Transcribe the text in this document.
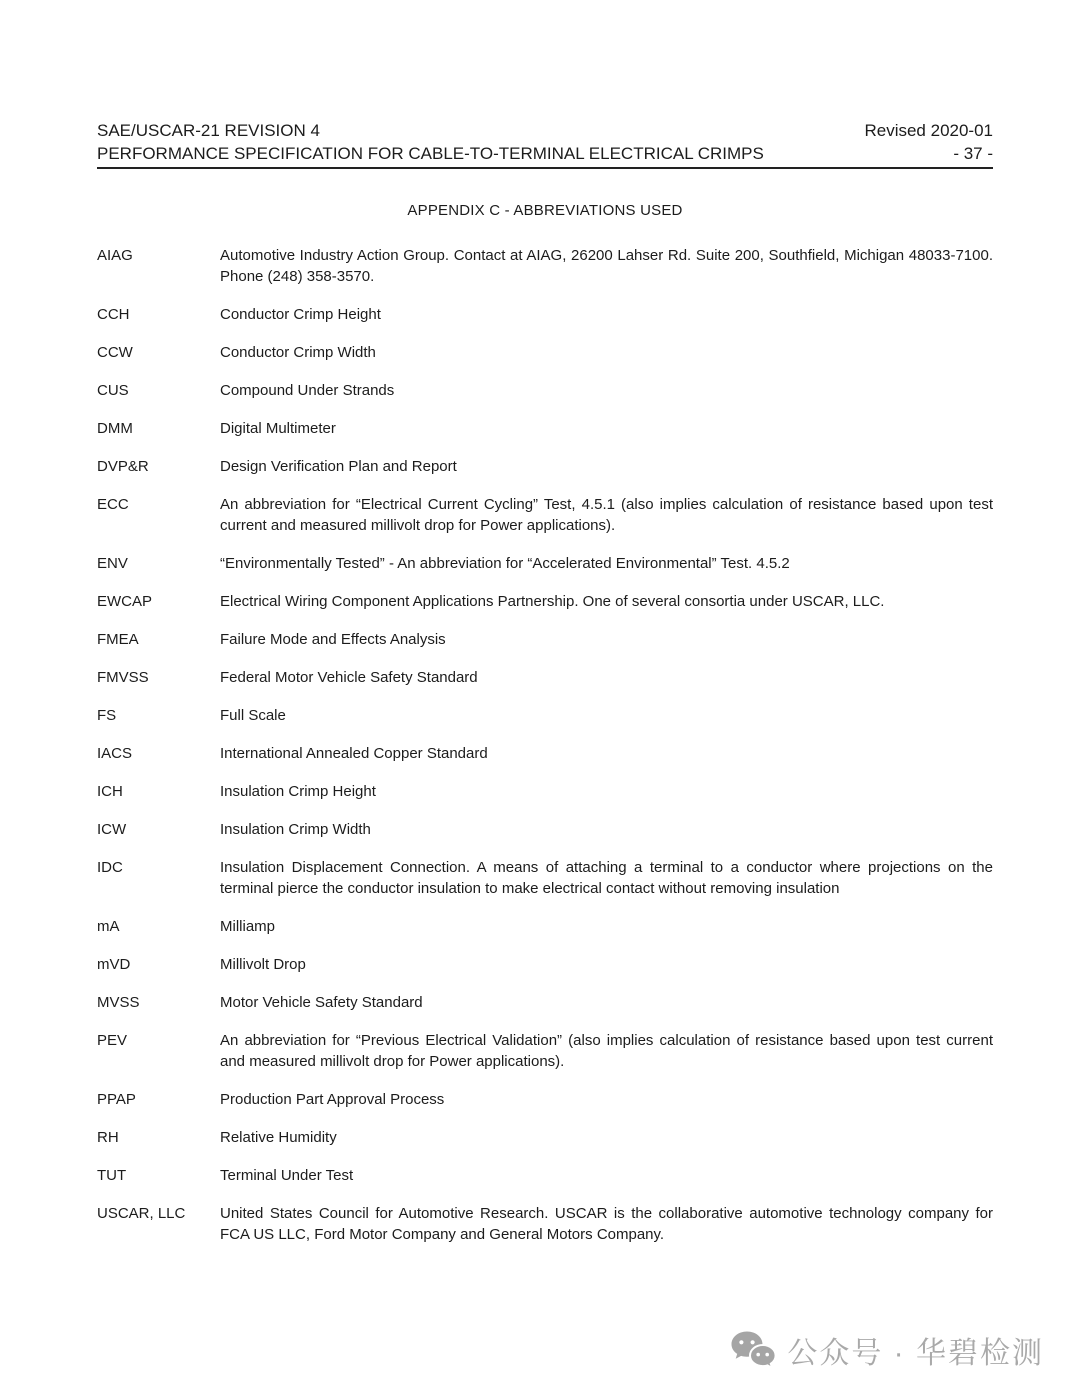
SAE/USCAR-21 REVISION 4	Revised 2020-01
PERFORMANCE SPECIFICATION FOR CABLE-TO-TERMINAL ELECTRICAL CRIMPS	- 37 -
APPENDIX C - ABBREVIATIONS USED
AIAG	Automotive Industry Action Group. Contact at AIAG, 26200 Lahser Rd. Suite 200, Southfield, Michigan 48033-7100. Phone (248) 358-3570.
CCH	Conductor Crimp Height
CCW	Conductor Crimp Width
CUS	Compound Under Strands
DMM	Digital Multimeter
DVP&R	Design Verification Plan and Report
ECC	An abbreviation for “Electrical Current Cycling” Test, 4.5.1 (also implies calculation of resistance based upon test current and measured millivolt drop for Power applications).
ENV	“Environmentally Tested” - An abbreviation for “Accelerated Environmental” Test. 4.5.2
EWCAP	Electrical Wiring Component Applications Partnership. One of several consortia under USCAR, LLC.
FMEA	Failure Mode and Effects Analysis
FMVSS	Federal Motor Vehicle Safety Standard
FS	Full Scale
IACS	International Annealed Copper Standard
ICH	Insulation Crimp Height
ICW	Insulation Crimp Width
IDC	Insulation Displacement Connection. A means of attaching a terminal to a conductor where projections on the terminal pierce the conductor insulation to make electrical contact without removing insulation
mA	Milliamp
mVD	Millivolt Drop
MVSS	Motor Vehicle Safety Standard
PEV	An abbreviation for “Previous Electrical Validation” (also implies calculation of resistance based upon test current and measured millivolt drop for Power applications).
PPAP	Production Part Approval Process
RH	Relative Humidity
TUT	Terminal Under Test
USCAR, LLC	United States Council for Automotive Research. USCAR is the collaborative automotive technology company for FCA US LLC, Ford Motor Company and General Motors Company.
公众号 · 华碧检测
